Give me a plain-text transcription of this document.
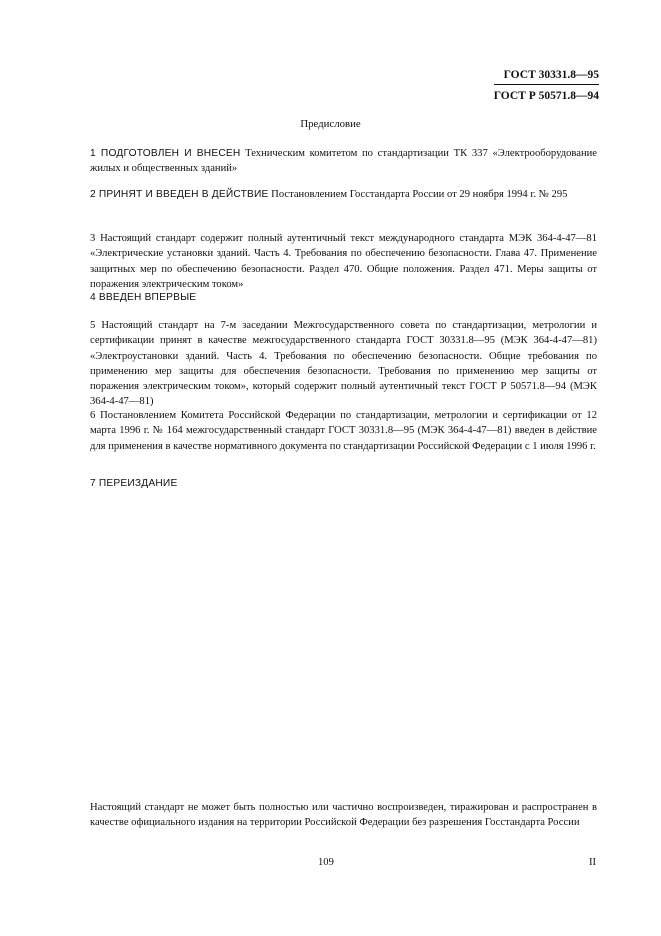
ГОСТ 30331.8—95
ГОСТ Р 50571.8—94
Предисловие
1 ПОДГОТОВЛЕН И ВНЕСЕН Техническим комитетом по стандартизации ТК 337 «Электрооборудование жилых и общественных зданий»
2 ПРИНЯТ И ВВЕДЕН В ДЕЙСТВИЕ Постановлением Госстандарта России от 29 ноября 1994 г. № 295
3 Настоящий стандарт содержит полный аутентичный текст международного стандарта МЭК 364-4-47—81 «Электрические установки зданий. Часть 4. Требования по обеспечению безопасности. Глава 47. Применение защитных мер по обеспечению безопасности. Раздел 470. Общие положения. Раздел 471. Меры защиты от поражения электрическим током»
4 ВВЕДЕН ВПЕРВЫЕ
5 Настоящий стандарт на 7-м заседании Межгосударственного совета по стандартизации, метрологии и сертификации принят в качестве межгосударственного стандарта ГОСТ 30331.8—95 (МЭК 364-4-47—81) «Электроустановки зданий. Часть 4. Требования по обеспечению безопасности. Общие требования по применению мер защиты для обеспечения безопасности. Требования по применению мер защиты от поражения электрическим током», который содержит полный аутентичный текст ГОСТ Р 50571.8—94 (МЭК 364-4-47—81)
6 Постановлением Комитета Российской Федерации по стандартизации, метрологии и сертификации от 12 марта 1996 г. № 164 межгосударственный стандарт ГОСТ 30331.8—95 (МЭК 364-4-47—81) введен в действие для применения в качестве нормативного документа по стандартизации Российской Федерации с 1 июля 1996 г.
7 ПЕРЕИЗДАНИЕ
Настоящий стандарт не может быть полностью или частично воспроизведен, тиражирован и распространен в качестве официального издания на территории Российской Федерации без разрешения Госстандарта России
109	II
